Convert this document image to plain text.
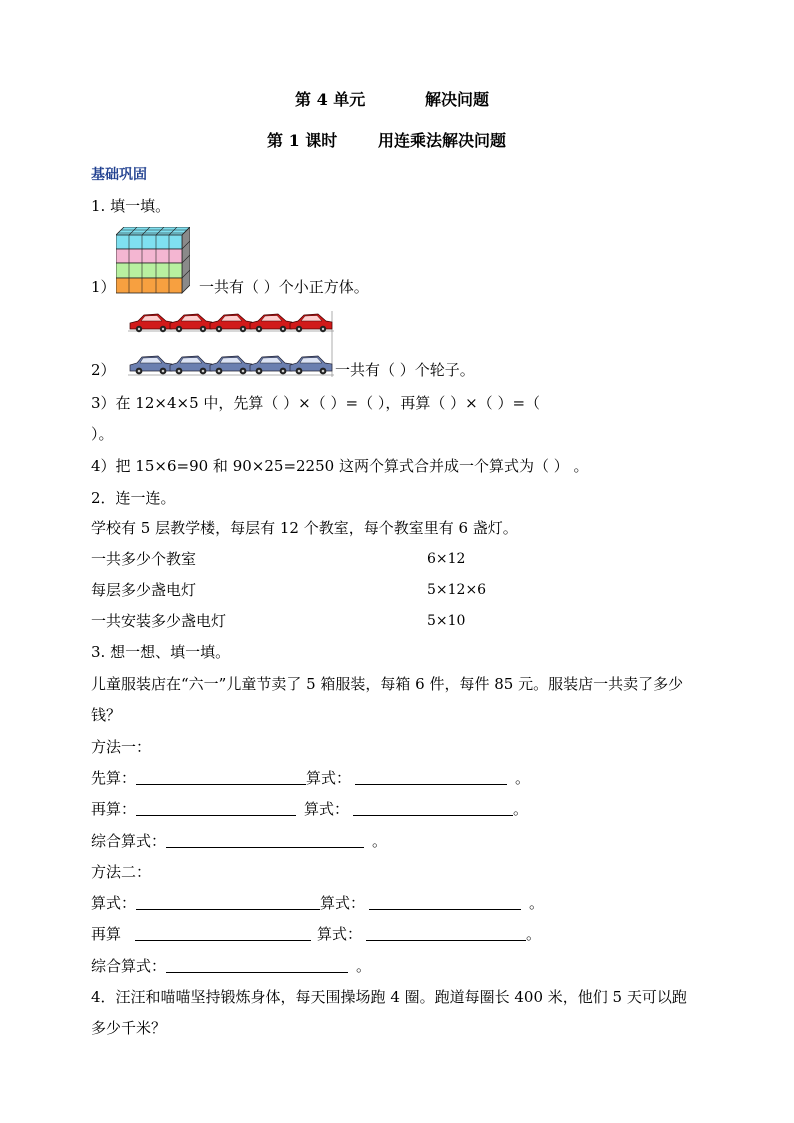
第 4 单元	解决问题
第 1 课时	用连乘法解决问题
基础巩固
1. 填一填。
1）	一共有（ ）个小正方体。
2）	一共有（ ）个轮子。
3）在 12×4×5 中，先算（ ）×（ ）=（ ），再算（ ）×（ ）=（
）。
4）把 15×6=90 和 90×25=2250 这两个算式合并成一个算式为（ ） 。
2．连一连。
学校有 5 层教学楼，每层有 12 个教室，每个教室里有 6 盏灯。
一共多少个教室	6×12
每层多少盏电灯	5×12×6
一共安装多少盏电灯	5×10
3. 想一想、填一填。
儿童服装店在“六一”儿童节卖了 5 箱服装，每箱 6 件，每件 85 元。服装店一共卖了多少
钱？
方法一：
先算：	算式：	。
再算：	算式：	。
综合算式：	。
方法二：
算式：	算式：	。
再算	算式：	。
综合算式：	。
4．汪汪和喵喵坚持锻炼身体，每天围操场跑 4 圈。跑道每圈长 400 米，他们 5 天可以跑
多少千米？
